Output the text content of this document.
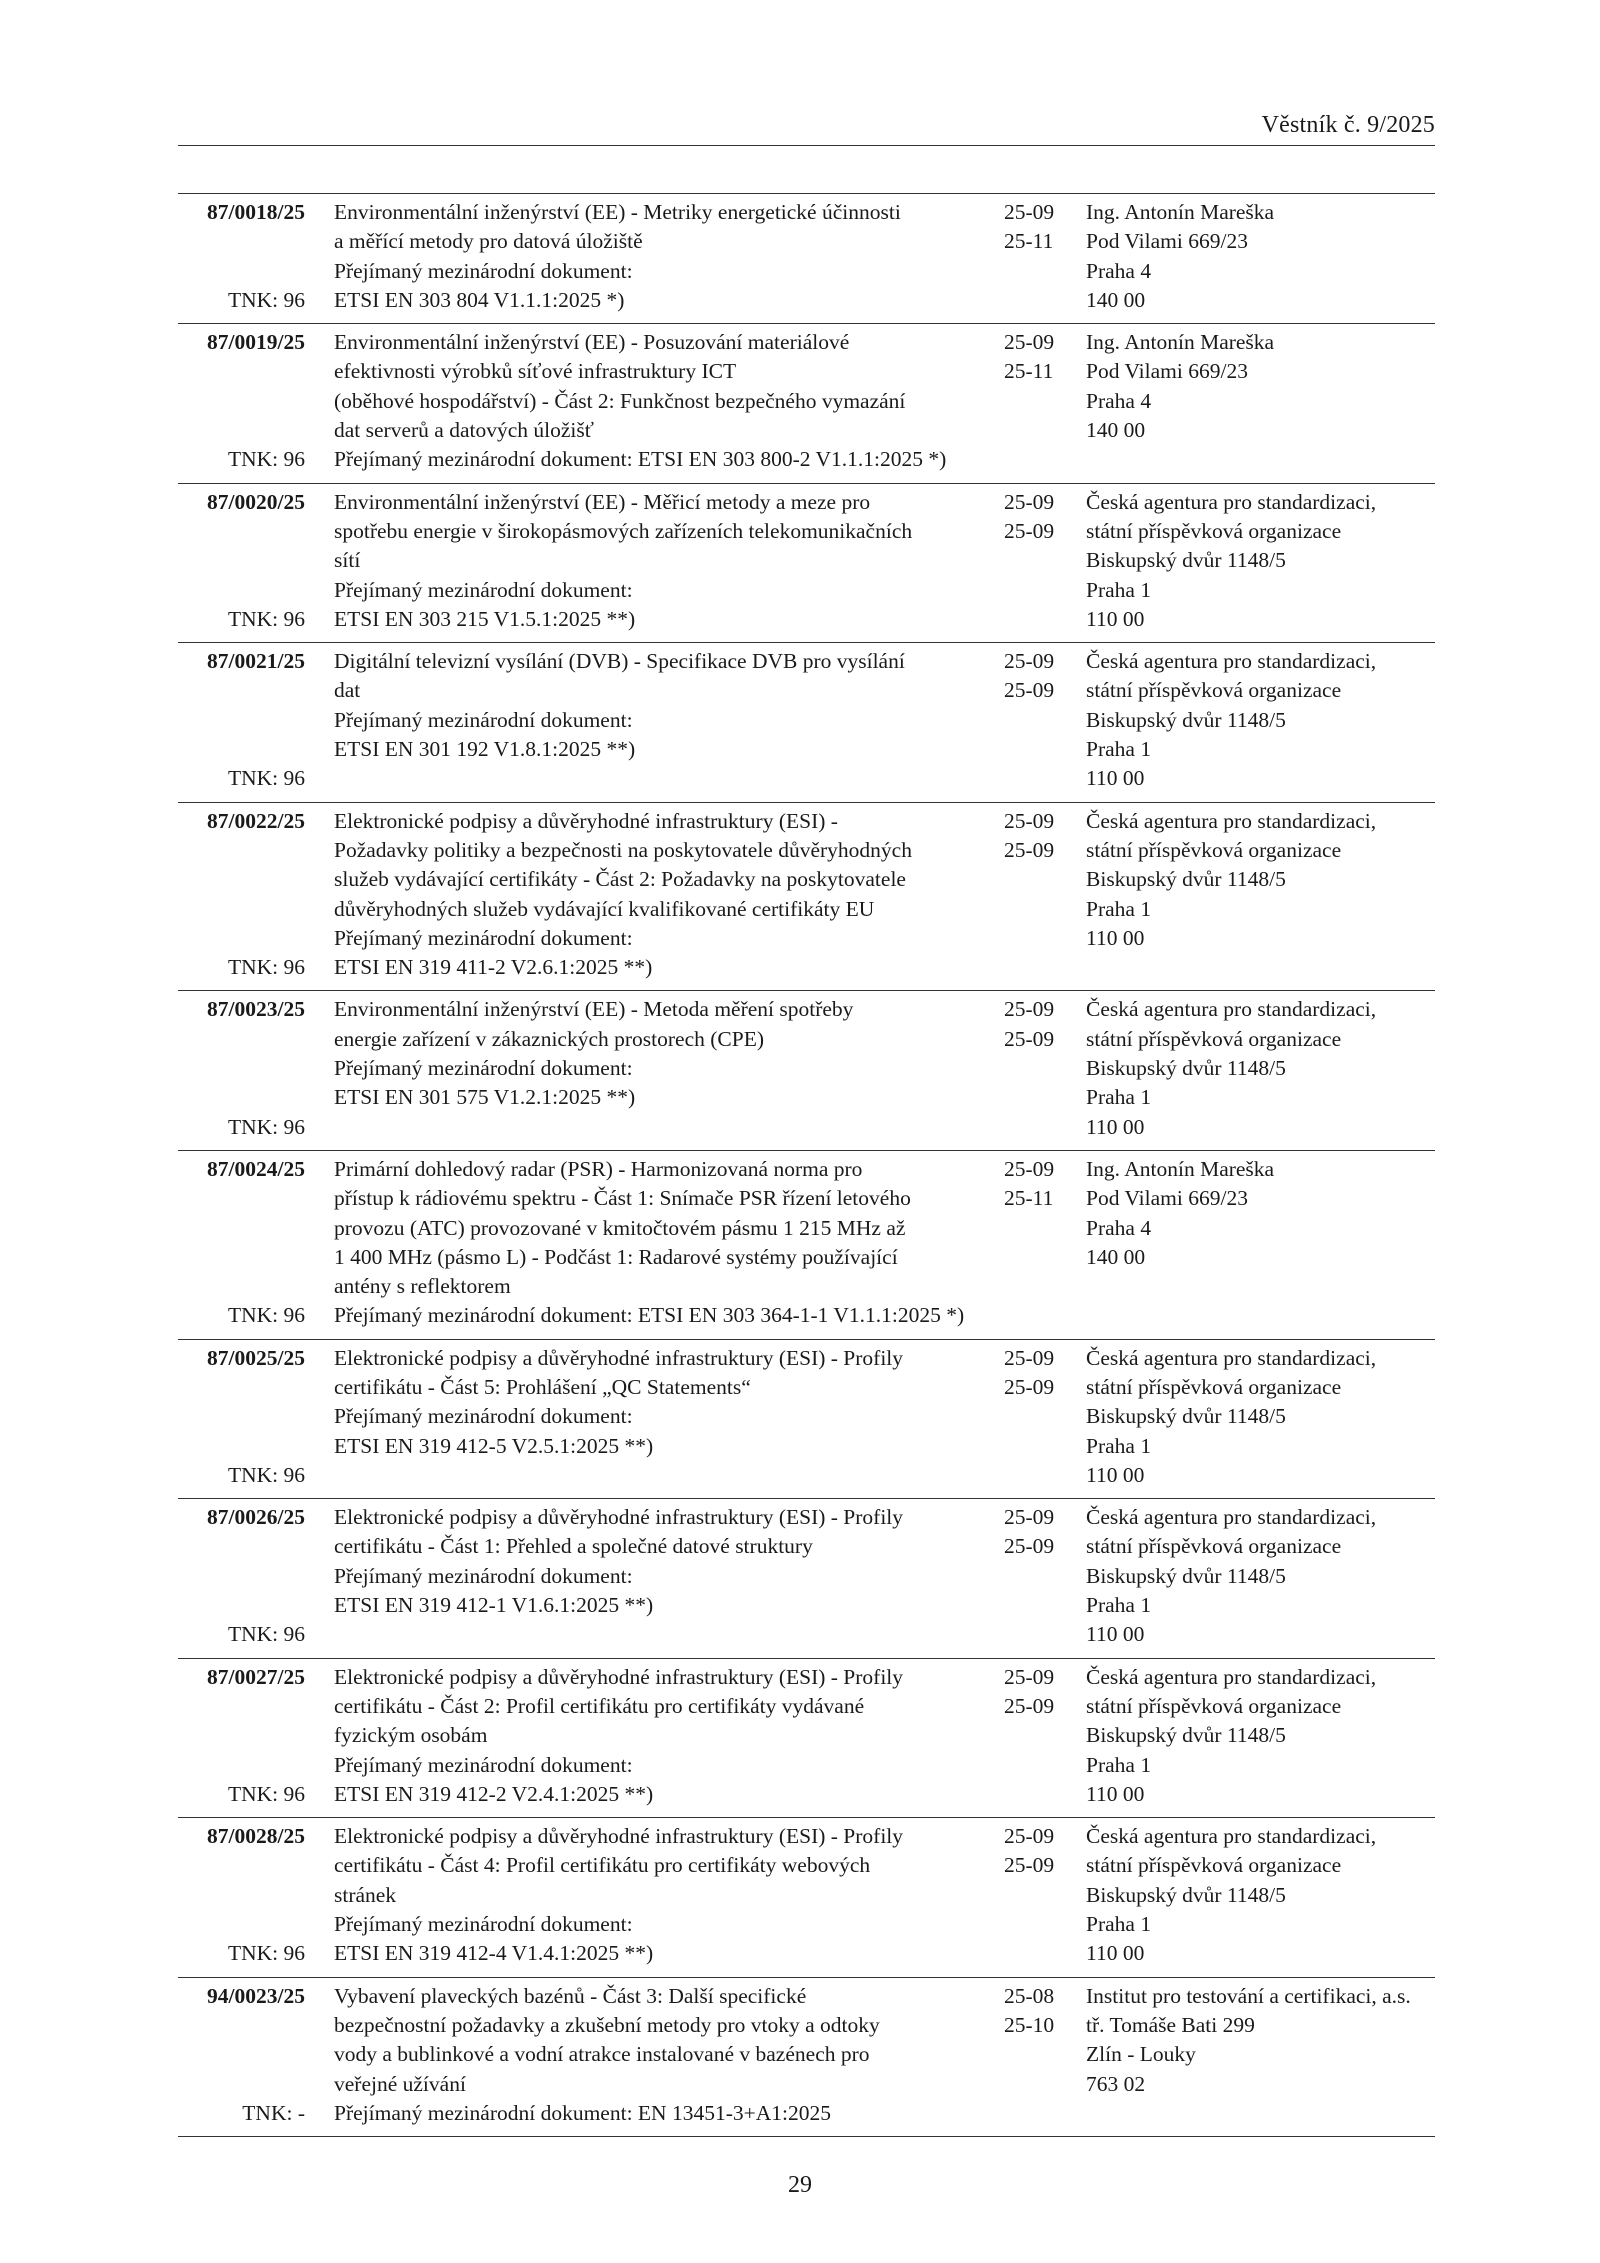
Věstník č. 9/2025
87/0018/25
TNK: 96
Environmentální inženýrství (EE) - Metriky energetické účinnosti
a měřící metody pro datová úložiště
Přejímaný mezinárodní dokument:
ETSI EN 303 804 V1.1.1:2025 *)
25-09
25-11
Ing. Antonín Mareška
Pod Vilami 669/23
Praha 4
140 00
87/0019/25
TNK: 96
Environmentální inženýrství (EE) - Posuzování materiálové
efektivnosti výrobků síťové infrastruktury ICT
(oběhové hospodářství) - Část 2: Funkčnost bezpečného vymazání
dat serverů a datových úložišť
Přejímaný mezinárodní dokument: ETSI EN 303 800-2 V1.1.1:2025 *)
25-09
25-11
Ing. Antonín Mareška
Pod Vilami 669/23
Praha 4
140 00
87/0020/25
TNK: 96
Environmentální inženýrství (EE) - Měřicí metody a meze pro
spotřebu energie v širokopásmových zařízeních telekomunikačních
sítí
Přejímaný mezinárodní dokument:
ETSI EN 303 215 V1.5.1:2025 **)
25-09
25-09
Česká agentura pro standardizaci,
státní příspěvková organizace
Biskupský dvůr 1148/5
Praha 1
110 00
87/0021/25
TNK: 96
Digitální televizní vysílání (DVB) - Specifikace DVB pro vysílání
dat
Přejímaný mezinárodní dokument:
ETSI EN 301 192 V1.8.1:2025 **)
25-09
25-09
Česká agentura pro standardizaci,
státní příspěvková organizace
Biskupský dvůr 1148/5
Praha 1
110 00
87/0022/25
TNK: 96
Elektronické podpisy a důvěryhodné infrastruktury (ESI) -
Požadavky politiky a bezpečnosti na poskytovatele důvěryhodných
služeb vydávající certifikáty - Část 2: Požadavky na poskytovatele
důvěryhodných služeb vydávající kvalifikované certifikáty EU
Přejímaný mezinárodní dokument:
ETSI EN 319 411-2 V2.6.1:2025 **)
25-09
25-09
Česká agentura pro standardizaci,
státní příspěvková organizace
Biskupský dvůr 1148/5
Praha 1
110 00
87/0023/25
TNK: 96
Environmentální inženýrství (EE) - Metoda měření spotřeby
energie zařízení v zákaznických prostorech (CPE)
Přejímaný mezinárodní dokument:
ETSI EN 301 575 V1.2.1:2025 **)
25-09
25-09
Česká agentura pro standardizaci,
státní příspěvková organizace
Biskupský dvůr 1148/5
Praha 1
110 00
87/0024/25
TNK: 96
Primární dohledový radar (PSR) - Harmonizovaná norma pro
přístup k rádiovému spektru - Část 1: Snímače PSR řízení letového
provozu (ATC) provozované v kmitočtovém pásmu 1 215 MHz až
1 400 MHz (pásmo L) - Podčást 1: Radarové systémy používající
antény s reflektorem
Přejímaný mezinárodní dokument: ETSI EN 303 364-1-1 V1.1.1:2025 *)
25-09
25-11
Ing. Antonín Mareška
Pod Vilami 669/23
Praha 4
140 00
87/0025/25
TNK: 96
Elektronické podpisy a důvěryhodné infrastruktury (ESI) - Profily
certifikátu - Část 5: Prohlášení „QC Statements“
Přejímaný mezinárodní dokument:
ETSI EN 319 412-5 V2.5.1:2025 **)
25-09
25-09
Česká agentura pro standardizaci,
státní příspěvková organizace
Biskupský dvůr 1148/5
Praha 1
110 00
87/0026/25
TNK: 96
Elektronické podpisy a důvěryhodné infrastruktury (ESI) - Profily
certifikátu - Část 1: Přehled a společné datové struktury
Přejímaný mezinárodní dokument:
ETSI EN 319 412-1 V1.6.1:2025 **)
25-09
25-09
Česká agentura pro standardizaci,
státní příspěvková organizace
Biskupský dvůr 1148/5
Praha 1
110 00
87/0027/25
TNK: 96
Elektronické podpisy a důvěryhodné infrastruktury (ESI) - Profily
certifikátu - Část 2: Profil certifikátu pro certifikáty vydávané
fyzickým osobám
Přejímaný mezinárodní dokument:
ETSI EN 319 412-2 V2.4.1:2025 **)
25-09
25-09
Česká agentura pro standardizaci,
státní příspěvková organizace
Biskupský dvůr 1148/5
Praha 1
110 00
87/0028/25
TNK: 96
Elektronické podpisy a důvěryhodné infrastruktury (ESI) - Profily
certifikátu - Část 4: Profil certifikátu pro certifikáty webových
stránek
Přejímaný mezinárodní dokument:
ETSI EN 319 412-4 V1.4.1:2025 **)
25-09
25-09
Česká agentura pro standardizaci,
státní příspěvková organizace
Biskupský dvůr 1148/5
Praha 1
110 00
94/0023/25
TNK: -
Vybavení plaveckých bazénů - Část 3: Další specifické
bezpečnostní požadavky a zkušební metody pro vtoky a odtoky
vody a bublinkové a vodní atrakce instalované v bazénech pro
veřejné užívání
Přejímaný mezinárodní dokument: EN 13451-3+A1:2025
25-08
25-10
Institut pro testování a certifikaci, a.s.
tř. Tomáše Bati 299
Zlín - Louky
763 02
29
